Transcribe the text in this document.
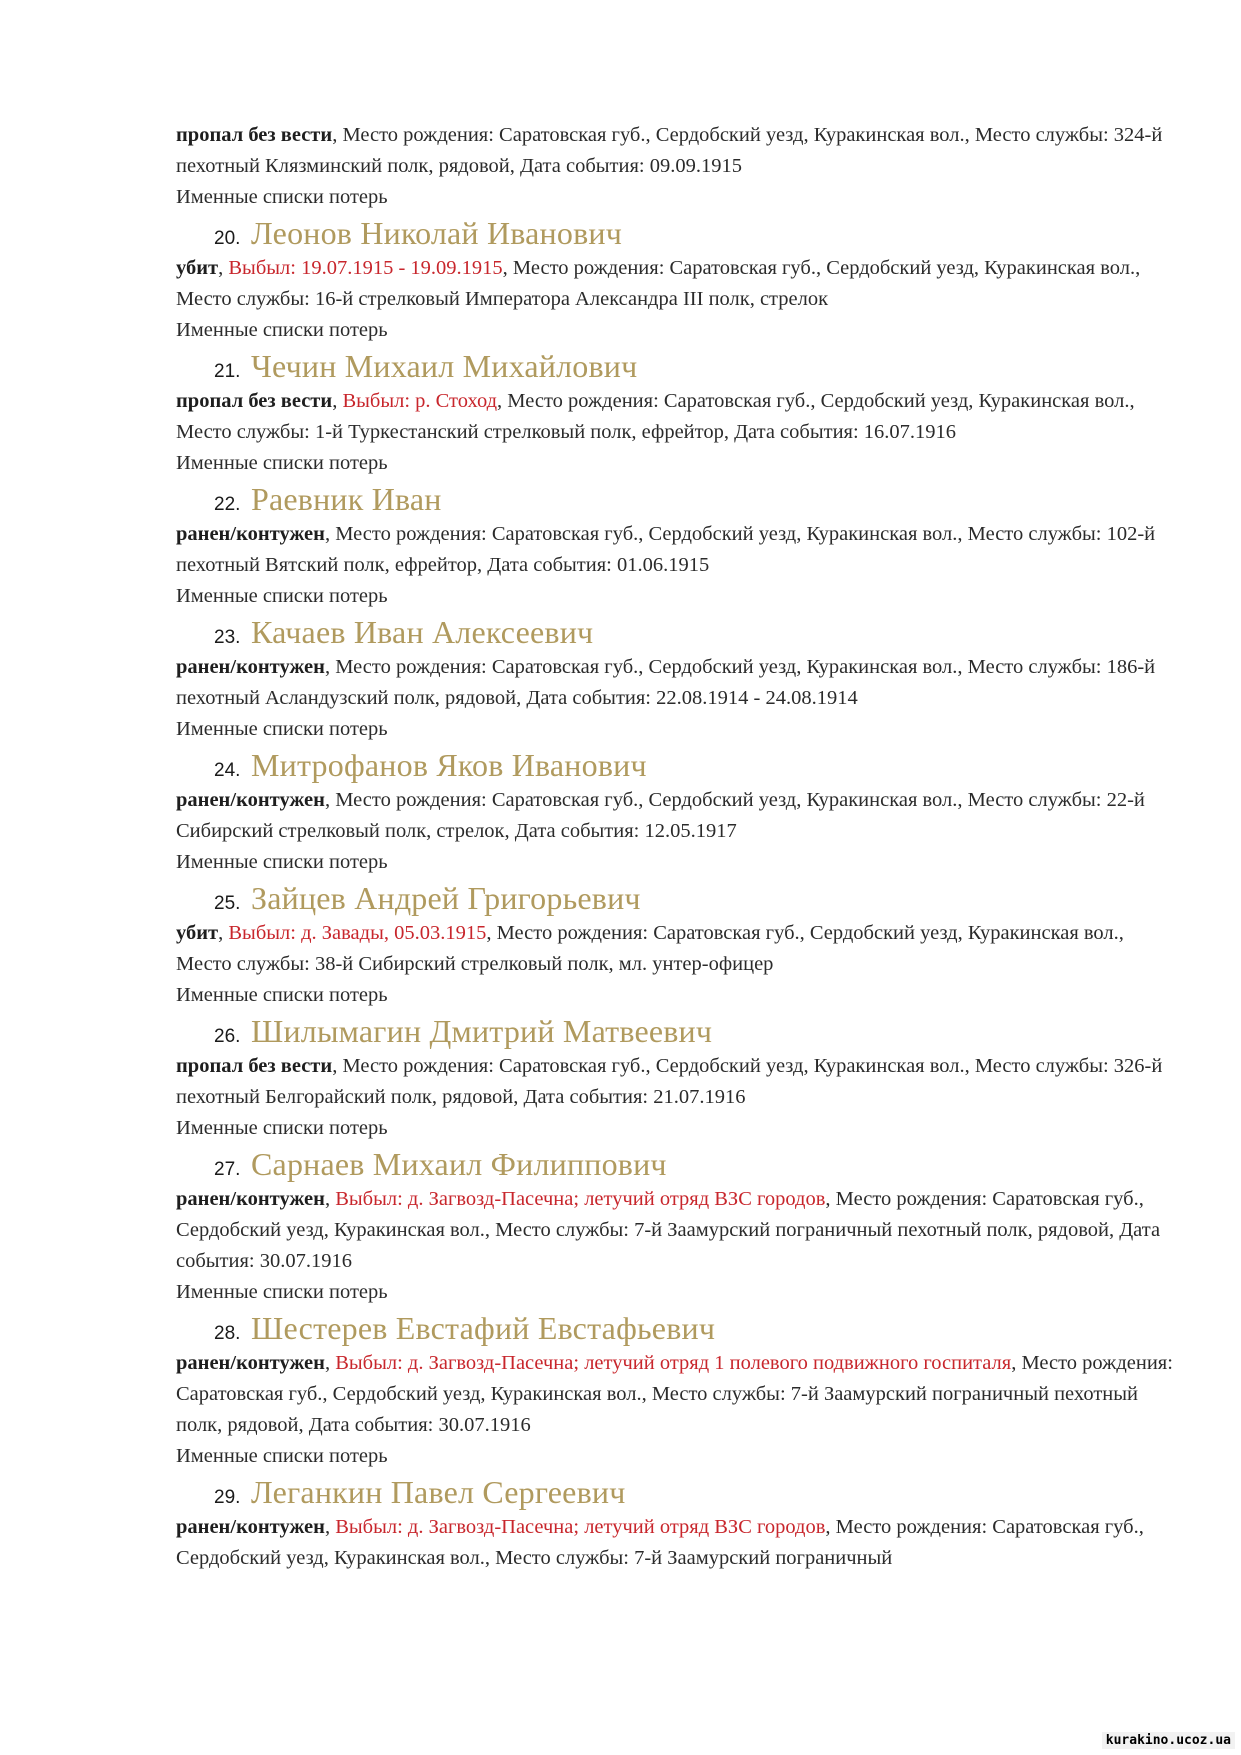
пропал без вести, Место рождения: Саратовская губ., Сердобский уезд, Куракинская вол., Место службы: 324-й пехотный Клязминский полк, рядовой, Дата события: 09.09.1915

Именные списки потерь

20. Леонов Николай Иванович

убит, Выбыл: 19.07.1915 - 19.09.1915, Место рождения: Саратовская губ., Сердобский уезд, Куракинская вол., Место службы: 16-й стрелковый Императора Александра III полк, стрелок

Именные списки потерь

21. Чечин Михаил Михайлович

пропал без вести, Выбыл: р. Стоход, Место рождения: Саратовская губ., Сердобский уезд, Куракинская вол., Место службы: 1-й Туркестанский стрелковый полк, ефрейтор, Дата события: 16.07.1916

Именные списки потерь

22. Раевник Иван

ранен/контужен, Место рождения: Саратовская губ., Сердобский уезд, Куракинская вол., Место службы: 102-й пехотный Вятский полк, ефрейтор, Дата события: 01.06.1915

Именные списки потерь

23. Качаев Иван Алексеевич

ранен/контужен, Место рождения: Саратовская губ., Сердобский уезд, Куракинская вол., Место службы: 186-й пехотный Асландузский полк, рядовой, Дата события: 22.08.1914 - 24.08.1914

Именные списки потерь

24. Митрофанов Яков Иванович

ранен/контужен, Место рождения: Саратовская губ., Сердобский уезд, Куракинская вол., Место службы: 22-й Сибирский стрелковый полк, стрелок, Дата события: 12.05.1917

Именные списки потерь

25. Зайцев Андрей Григорьевич

убит, Выбыл: д. Завады, 05.03.1915, Место рождения: Саратовская губ., Сердобский уезд, Куракинская вол., Место службы: 38-й Сибирский стрелковый полк, мл. унтер-офицер

Именные списки потерь

26. Шилымагин Дмитрий Матвеевич

пропал без вести, Место рождения: Саратовская губ., Сердобский уезд, Куракинская вол., Место службы: 326-й пехотный Белгорайский полк, рядовой, Дата события: 21.07.1916

Именные списки потерь

27. Сарнаев Михаил Филиппович

ранен/контужен, Выбыл: д. Загвозд-Пасечна; летучий отряд ВЗС городов, Место рождения: Саратовская губ., Сердобский уезд, Куракинская вол., Место службы: 7-й Заамурский пограничный пехотный полк, рядовой, Дата события: 30.07.1916

Именные списки потерь

28. Шестерев Евстафий Евстафьевич

ранен/контужен, Выбыл: д. Загвозд-Пасечна; летучий отряд 1 полевого подвижного госпиталя, Место рождения: Саратовская губ., Сердобский уезд, Куракинская вол., Место службы: 7-й Заамурский пограничный пехотный полк, рядовой, Дата события: 30.07.1916

Именные списки потерь

29. Леганкин Павел Сергеевич

ранен/контужен, Выбыл: д. Загвозд-Пасечна; летучий отряд ВЗС городов, Место рождения: Саратовская губ., Сердобский уезд, Куракинская вол., Место службы: 7-й Заамурский пограничный

kurakino.ucoz.ua
